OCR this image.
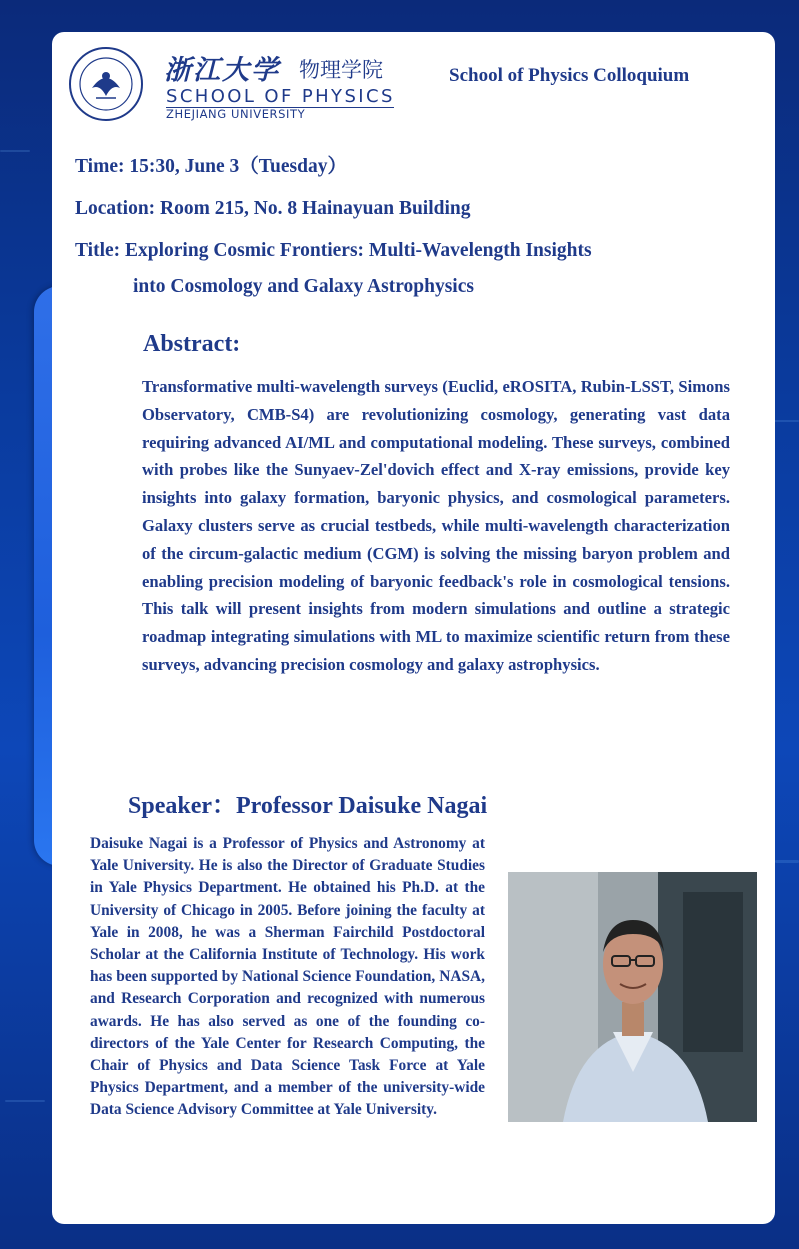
浙江大学 物理学院
SCHOOL OF PHYSICS
ZHEJIANG UNIVERSITY
School of Physics Colloquium
Time: 15:30, June 3（Tuesday）
Location: Room 215, No. 8 Hainayuan Building
Title: Exploring Cosmic Frontiers: Multi-Wavelength Insights
into Cosmology and Galaxy Astrophysics
Abstract:

Transformative multi-wavelength surveys (Euclid, eROSITA, Rubin-LSST, Simons Observatory, CMB-S4) are revolutionizing cosmology, generating vast data requiring advanced AI/ML and computational modeling. These surveys, combined with probes like the Sunyaev-Zel'dovich effect and X-ray emissions, provide key insights into galaxy formation, baryonic physics, and cosmological parameters. Galaxy clusters serve as crucial testbeds, while multi-wavelength characterization of the circum-galactic medium (CGM) is solving the missing baryon problem and enabling precision modeling of baryonic feedback's role in cosmological tensions. This talk will present insights from modern simulations and outline a strategic roadmap integrating simulations with ML to maximize scientific return from these surveys, advancing precision cosmology and galaxy astrophysics.

Speaker：Professor Daisuke Nagai

Daisuke Nagai is a Professor of Physics and Astronomy at Yale University. He is also the Director of Graduate Studies in Yale Physics Department. He obtained his Ph.D. at the University of Chicago in 2005. Before joining the faculty at Yale in 2008, he was a Sherman Fairchild Postdoctoral Scholar at the California Institute of Technology. His work has been supported by National Science Foundation, NASA, and Research Corporation and recognized with numerous awards. He has also served as one of the founding co-directors of the Yale Center for Research Computing, the Chair of Physics and Data Science Task Force at Yale Physics Department, and a member of the university-wide Data Science Advisory Committee at Yale University.
